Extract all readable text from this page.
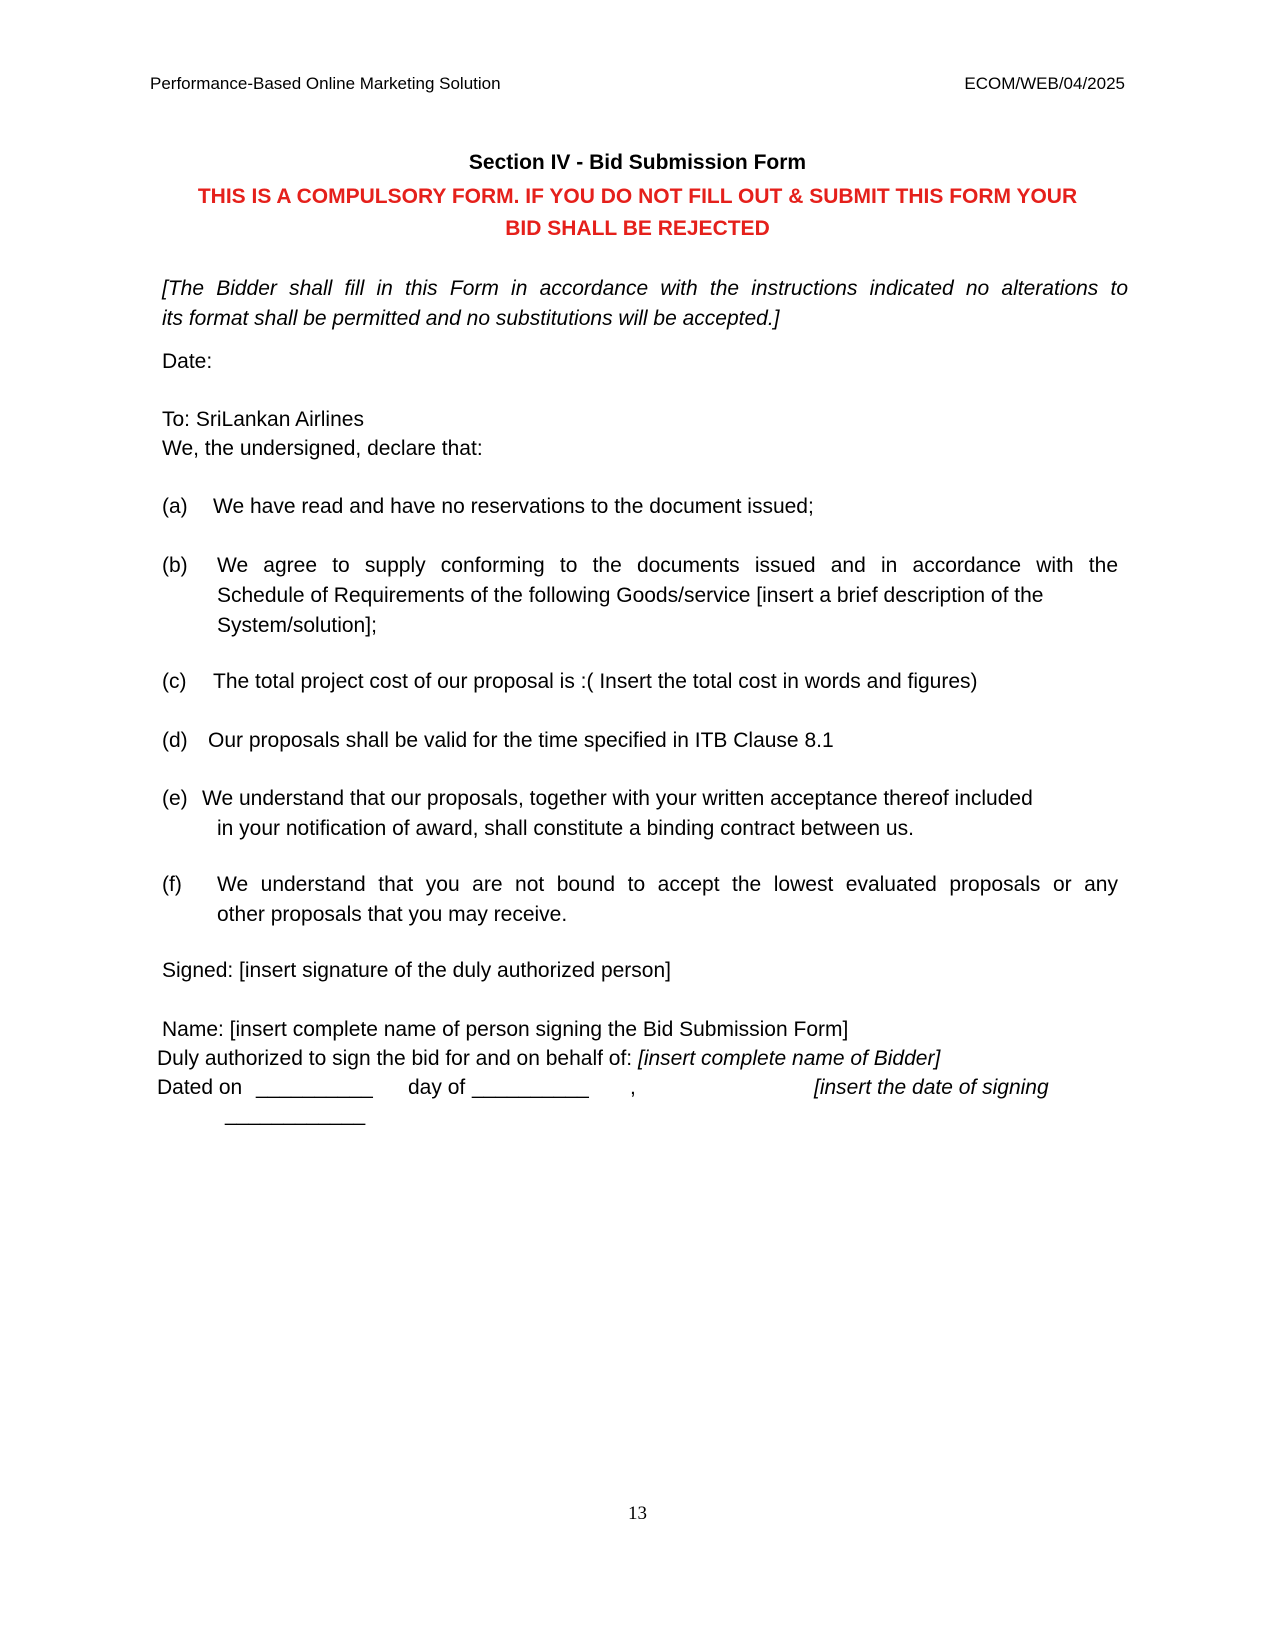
Performance-Based Online Marketing Solution	ECOM/WEB/04/2025
Section IV - Bid Submission Form
THIS IS A COMPULSORY FORM. IF YOU DO NOT FILL OUT & SUBMIT THIS FORM YOUR
BID SHALL BE REJECTED
[The Bidder shall fill in this Form in accordance with the instructions indicated no alterations to
its format shall be permitted and no substitutions will be accepted.]
Date:
To: SriLankan Airlines
We, the undersigned, declare that:
(a) We have read and have no reservations to the document issued;
(b) We agree to supply conforming to the documents issued and in accordance with the
Schedule of Requirements of the following Goods/service [insert a brief description of the
System/solution];
(c) The total project cost of our proposal is :( Insert the total cost in words and figures)
(d) Our proposals shall be valid for the time specified in ITB Clause 8.1
(e) We understand that our proposals, together with your written acceptance thereof included
in your notification of award, shall constitute a binding contract between us.
(f) We understand that you are not bound to accept the lowest evaluated proposals or any
other proposals that you may receive.
Signed: [insert signature of the duly authorized person]
Name: [insert complete name of person signing the Bid Submission Form]
Duly authorized to sign the bid for and on behalf of: [insert complete name of Bidder]
Dated on __________ day of __________ ,	[insert the date of signing
____________
13
